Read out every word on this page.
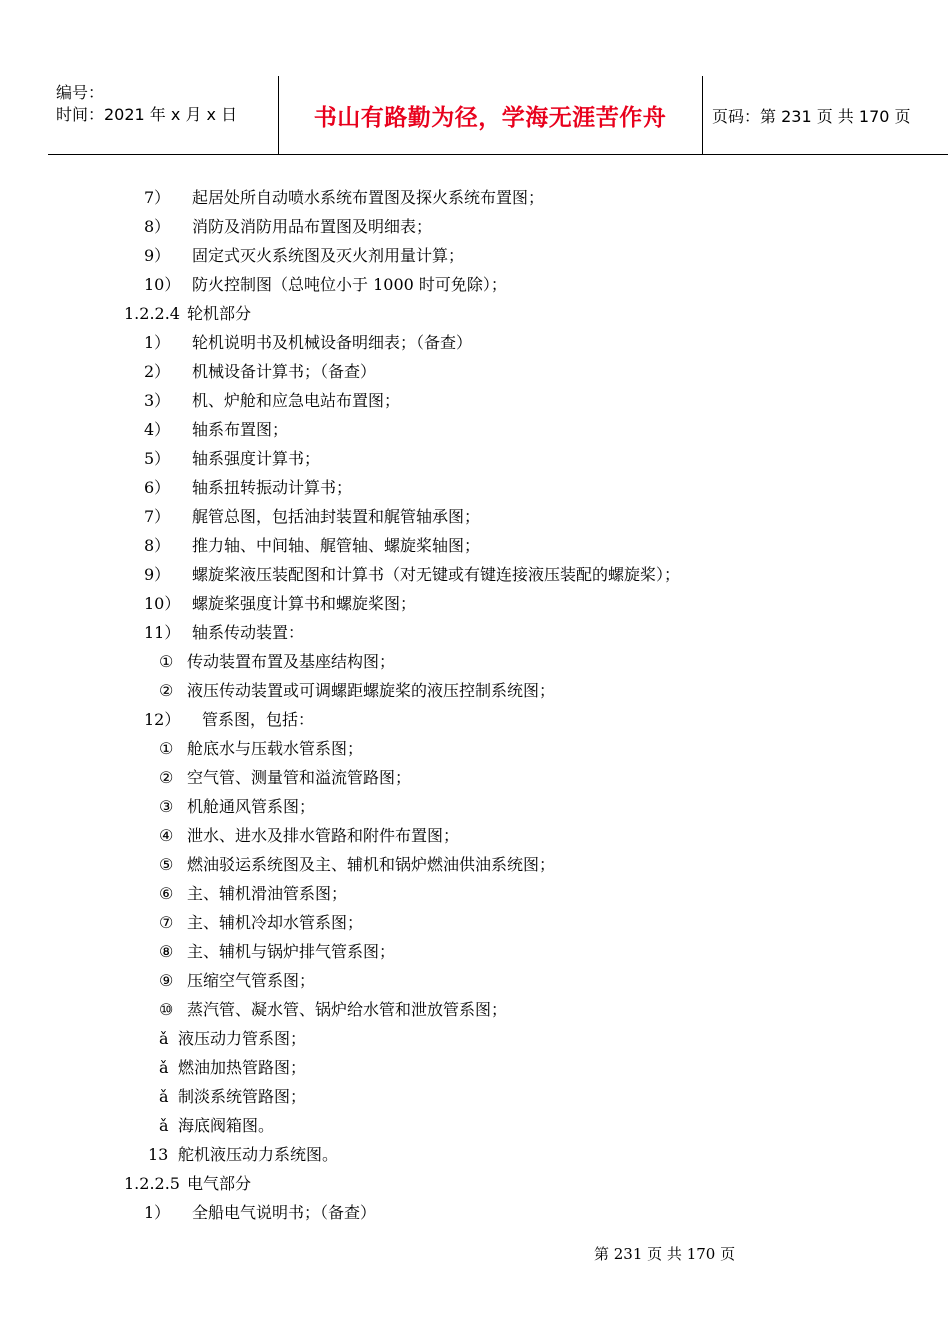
编号：
时间：2021 年 x 月 x 日	书山有路勤为径，学海无涯苦作舟	页码：第 231 页 共 170 页
7） 起居处所自动喷水系统布置图及探火系统布置图；
8） 消防及消防用品布置图及明细表；
9） 固定式灭火系统图及灭火剂用量计算；
10） 防火控制图（总吨位小于 1000 时可免除）；
1.2.2.4 轮机部分
1） 轮机说明书及机械设备明细表；（备查）
2） 机械设备计算书；（备查）
3） 机、炉舱和应急电站布置图；
4） 轴系布置图；
5） 轴系强度计算书；
6） 轴系扭转振动计算书；
7） 艉管总图，包括油封装置和艉管轴承图；
8） 推力轴、中间轴、艉管轴、螺旋桨轴图；
9） 螺旋桨液压装配图和计算书（对无键或有键连接液压装配的螺旋桨）；
10） 螺旋桨强度计算书和螺旋桨图；
11） 轴系传动装置：
① 传动装置布置及基座结构图；
② 液压传动装置或可调螺距螺旋桨的液压控制系统图；
12） 管系图，包括：
① 舱底水与压载水管系图；
② 空气管、测量管和溢流管路图；
③ 机舱通风管系图；
④ 泄水、进水及排水管路和附件布置图；
⑤ 燃油驳运系统图及主、辅机和锅炉燃油供油系统图；
⑥ 主、辅机滑油管系图；
⑦ 主、辅机冷却水管系图；
⑧ 主、辅机与锅炉排气管系图；
⑨ 压缩空气管系图；
⑩ 蒸汽管、凝水管、锅炉给水管和泄放管系图；
ǎ 液压动力管系图；
ǎ 燃油加热管路图；
ǎ 制淡系统管路图；
ǎ 海底阀箱图。
13 舵机液压动力系统图。
1.2.2.5 电气部分
1） 全船电气说明书；（备查）
第 231 页 共 170 页
